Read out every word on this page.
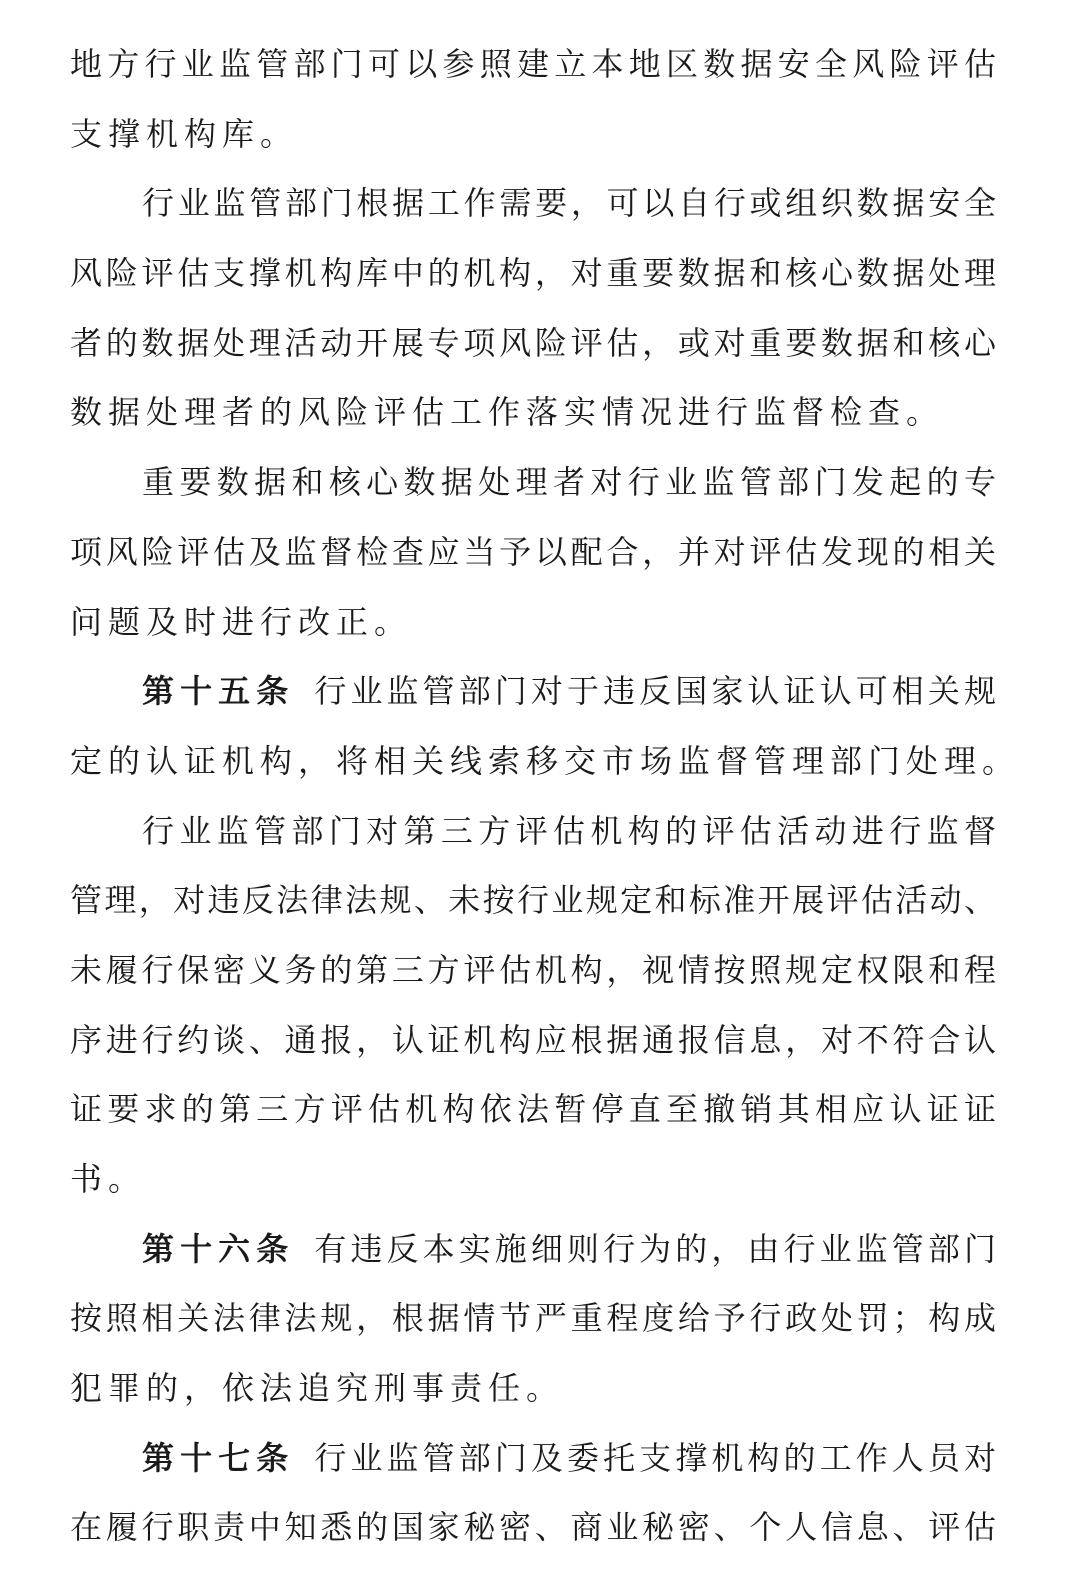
地方行业监管部门可以参照建立本地区数据安全风险评估
支撑机构库。
行业监管部门根据工作需要，可以自行或组织数据安全
风险评估支撑机构库中的机构，对重要数据和核心数据处理
者的数据处理活动开展专项风险评估，或对重要数据和核心
数据处理者的风险评估工作落实情况进行监督检查。
重要数据和核心数据处理者对行业监管部门发起的专
项风险评估及监督检查应当予以配合，并对评估发现的相关
问题及时进行改正。
第十五条 行业监管部门对于违反国家认证认可相关规
定的认证机构，将相关线索移交市场监督管理部门处理。
行业监管部门对第三方评估机构的评估活动进行监督
管理，对违反法律法规、未按行业规定和标准开展评估活动、
未履行保密义务的第三方评估机构，视情按照规定权限和程
序进行约谈、通报，认证机构应根据通报信息，对不符合认
证要求的第三方评估机构依法暂停直至撤销其相应认证证
书。
第十六条 有违反本实施细则行为的，由行业监管部门
按照相关法律法规，根据情节严重程度给予行政处罚；构成
犯罪的，依法追究刑事责任。
第十七条 行业监管部门及委托支撑机构的工作人员对
在履行职责中知悉的国家秘密、商业秘密、个人信息、评估
